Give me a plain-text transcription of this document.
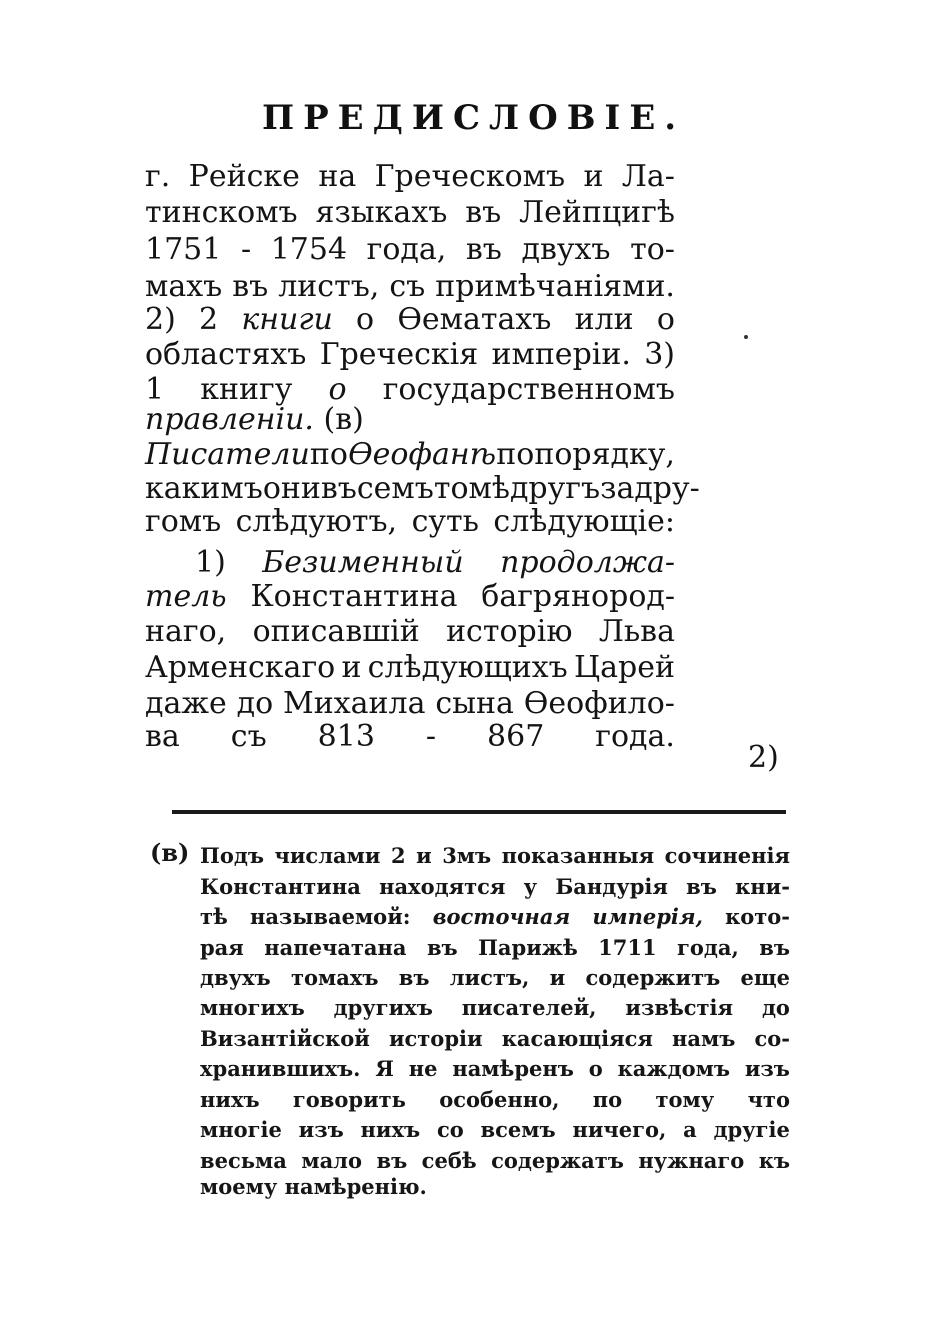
ПРЕДИСЛОВІЕ.
г. Рейске на Греческомъ и Ла-
тинскомъ языкахъ въ Лейпцигѣ
1751 - 1754 года, въ двухъ то-
махъ въ листъ, съ примѣчаніями.
2) 2 книги о Ѳематахъ или о
областяхъ Греческія имперіи. 3)
1 книгу о государственномъ
правленіи. (в)
Писатели по Ѳеофанѣ по порядку,
какимъ они въ семъ томѣ другъ за дру-
гомъ слѣдуютъ, суть слѣдующіе:
1) Безименный продолжа-
тель Константина багрянород-
наго, описавшій исторію Льва
Арменскаго и слѣдующихъ Царей
даже до Михаила сына Ѳеофило-
ва съ 813 - 867 года.
2)
(в) Подъ числами 2 и 3мъ показанныя сочиненія
Константина находятся у Бандурія въ кни-
тѣ называемой: восточная имперія, кото-
рая напечатана въ Парижѣ 1711 года, въ
двухъ томахъ въ листъ, и содержитъ еще
многихъ другихъ писателей, извѣстія до
Византійской исторіи касающіяся намъ со-
хранившихъ. Я не намѣренъ о каждомъ изъ
нихъ говорить особенно, по тому что
многіе изъ нихъ со всемъ ничего, а другіе
весьма мало въ себѣ содержатъ нужнаго къ
моему намѣренію.
